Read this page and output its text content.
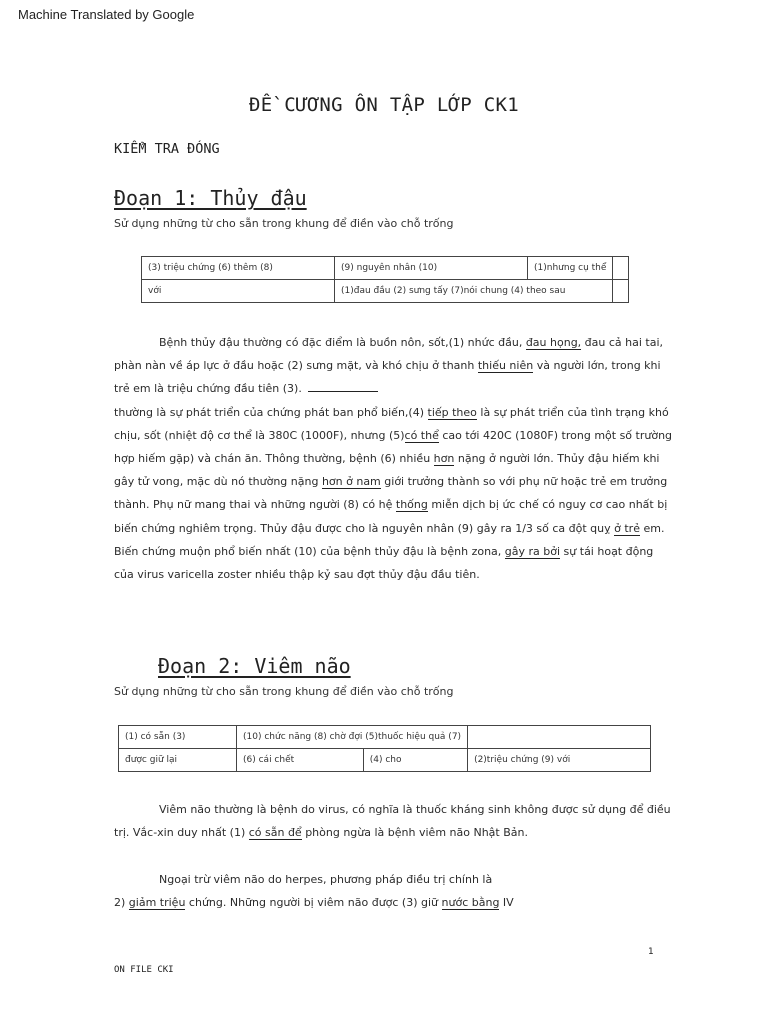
Machine Translated by Google
ĐỀ CƯƠNG ÔN TẬP LỚP CK1
KIỂM TRA ĐÓNG
Đoạn 1: Thủy đậu
Sử dụng những từ cho sẵn trong khung để điền vào chỗ trống
(3) triệu chứng (6) thêm (8)	(9) nguyên nhân (10)	(1)nhưng cụ thể	
với	(1)đau đầu (2) sưng tấy (7)nói chung (4) theo sau		

Bệnh thủy đậu thường có đặc điểm là buồn nôn, sốt,(1) nhức đầu, đau họng, đau cả hai tai, phàn nàn về áp lực ở đầu hoặc (2) sưng mặt, và khó chịu ở thanh thiếu niên và người lớn, trong khi trẻ em là triệu chứng đầu tiên (3).
thường là sự phát triển của chứng phát ban phổ biến,(4) tiếp theo là sự phát triển của tình trạng khó chịu, sốt (nhiệt độ cơ thể là 380C (1000F), nhưng (5)có thể cao tới 420C (1080F) trong một số trường hợp hiếm gặp) và chán ăn. Thông thường, bệnh (6) nhiều hơn nặng ở người lớn. Thủy đậu hiếm khi gây tử vong, mặc dù nó thường nặng hơn ở nam giới trưởng thành so với phụ nữ hoặc trẻ em trưởng thành. Phụ nữ mang thai và những người (8) có hệ thống miễn dịch bị ức chế có nguy cơ cao nhất bị biến chứng nghiêm trọng. Thủy đậu được cho là nguyên nhân (9) gây ra 1/3 số ca đột quỵ ở trẻ em. Biến chứng muộn phổ biến nhất (10) của bệnh thủy đậu là bệnh zona, gây ra bởi sự tái hoạt động của virus varicella zoster nhiều thập kỷ sau đợt thủy đậu đầu tiên.

Đoạn 2: Viêm não
Sử dụng những từ cho sẵn trong khung để điền vào chỗ trống
(1) có sẵn (3)	(10) chức năng (8) chờ đợi (5)thuốc hiệu quả (7)		
được giữ lại	(6) cái chết	(4) cho	(2)triệu chứng (9) với

Viêm não thường là bệnh do virus, có nghĩa là thuốc kháng sinh không được sử dụng để điều trị. Vắc-xin duy nhất (1) có sẵn để phòng ngừa là bệnh viêm não Nhật Bản.

Ngoại trừ viêm não do herpes, phương pháp điều trị chính là

2) giảm triệu chứng. Những người bị viêm não được (3) giữ nước bằng IV

1
ON FILE CKI
